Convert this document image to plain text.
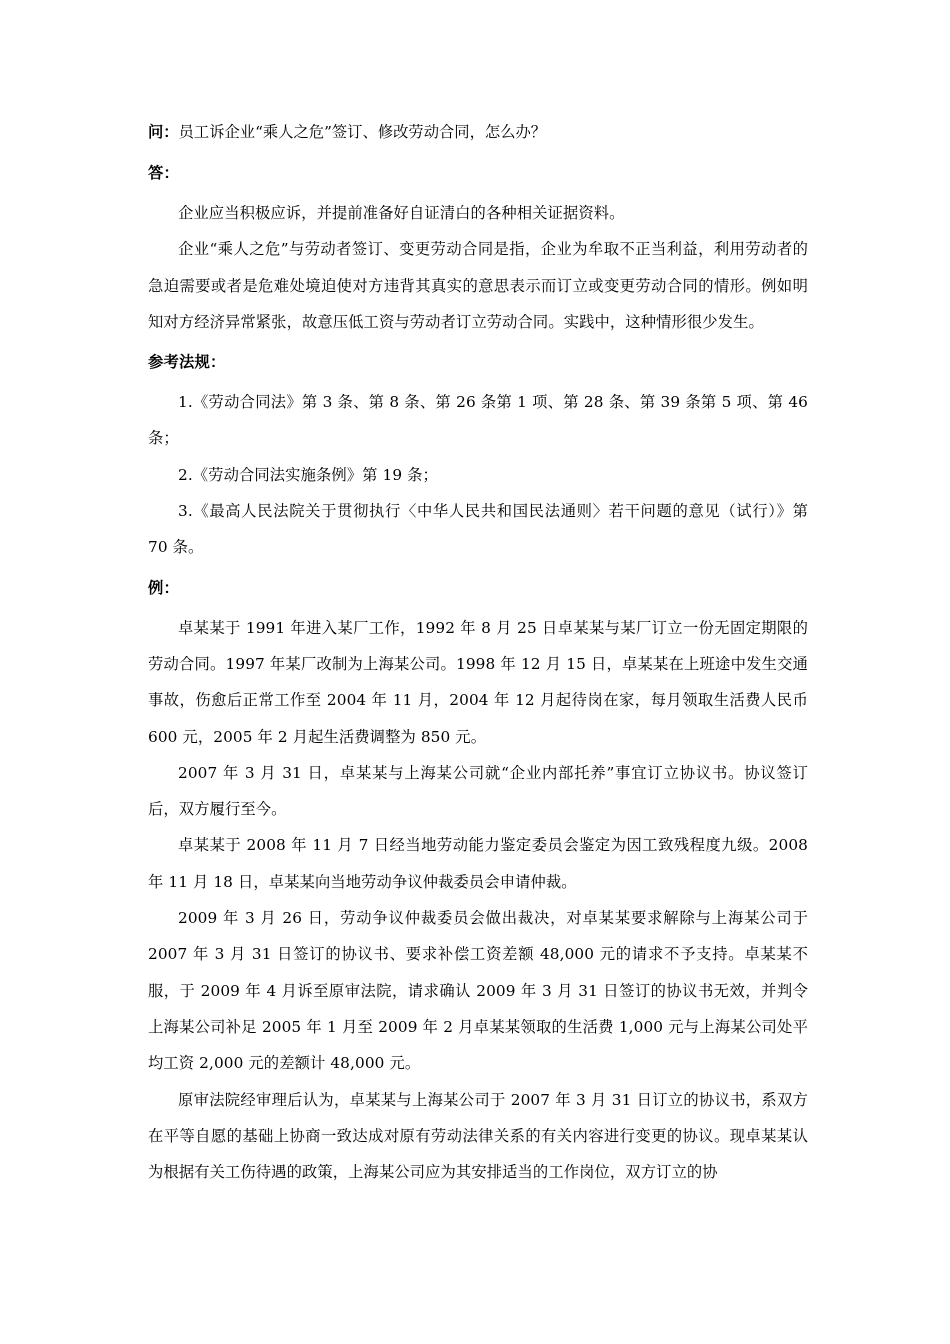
问：员工诉企业“乘人之危”签订、修改劳动合同，怎么办？
答：
企业应当积极应诉，并提前准备好自证清白的各种相关证据资料。
企业“乘人之危”与劳动者签订、变更劳动合同是指，企业为牟取不正当利益，利用劳动者的急迫需要或者是危难处境迫使对方违背其真实的意思表示而订立或变更劳动合同的情形。例如明知对方经济异常紧张，故意压低工资与劳动者订立劳动合同。实践中，这种情形很少发生。
参考法规：
1.《劳动合同法》第 3 条、第 8 条、第 26 条第 1 项、第 28 条、第 39 条第 5 项、第 46 条；
2.《劳动合同法实施条例》第 19 条；
3.《最高人民法院关于贯彻执行〈中华人民共和国民法通则〉若干问题的意见（试行）》第 70 条。
例：
卓某某于 1991 年进入某厂工作，1992 年 8 月 25 日卓某某与某厂订立一份无固定期限的劳动合同。1997 年某厂改制为上海某公司。1998 年 12 月 15 日，卓某某在上班途中发生交通事故，伤愈后正常工作至 2004 年 11 月，2004 年 12 月起待岗在家，每月领取生活费人民币 600 元，2005 年 2 月起生活费调整为 850 元。
2007 年 3 月 31 日，卓某某与上海某公司就“企业内部托养”事宜订立协议书。协议签订后，双方履行至今。
卓某某于 2008 年 11 月 7 日经当地劳动能力鉴定委员会鉴定为因工致残程度九级。2008 年 11 月 18 日，卓某某向当地劳动争议仲裁委员会申请仲裁。
2009 年 3 月 26 日，劳动争议仲裁委员会做出裁决，对卓某某要求解除与上海某公司于 2007 年 3 月 31 日签订的协议书、要求补偿工资差额 48,000 元的请求不予支持。卓某某不服，于 2009 年 4 月诉至原审法院，请求确认 2009 年 3 月 31 日签订的协议书无效，并判令上海某公司补足 2005 年 1 月至 2009 年 2 月卓某某领取的生活费 1,000 元与上海某公司处平均工资 2,000 元的差额计 48,000 元。
原审法院经审理后认为，卓某某与上海某公司于 2007 年 3 月 31 日订立的协议书，系双方在平等自愿的基础上协商一致达成对原有劳动法律关系的有关内容进行变更的协议。现卓某某认为根据有关工伤待遇的政策，上海某公司应为其安排适当的工作岗位，双方订立的协
